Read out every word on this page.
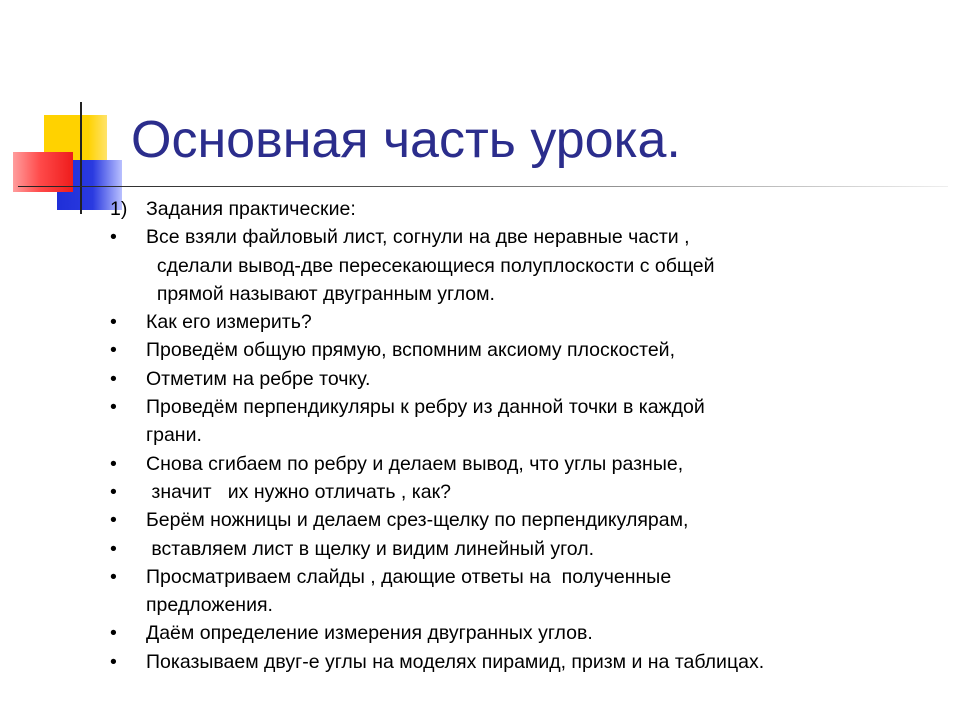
Основная часть урока.
1) Задания практические:
•	Все взяли файловый лист, согнули на две неравные части ,
сделали вывод-две пересекающиеся полуплоскости с общей
прямой называют двугранным углом.
•	Как его измерить?
•	Проведём общую прямую, вспомним аксиому плоскостей,
•	Отметим на ребре точку.
•	Проведём перпендикуляры к ребру из данной точки в каждой
грани.
•	Снова сгибаем по ребру и делаем вывод, что углы разные,
•	значит   их нужно отличать , как?
•	Берём ножницы и делаем срез-щелку по перпендикулярам,
•	вставляем лист в щелку и видим линейный угол.
•	Просматриваем слайды , дающие ответы на  полученные
предложения.
•	Даём определение измерения двугранных углов.
•	Показываем двуг-е углы на моделях пирамид, призм и на таблицах.
